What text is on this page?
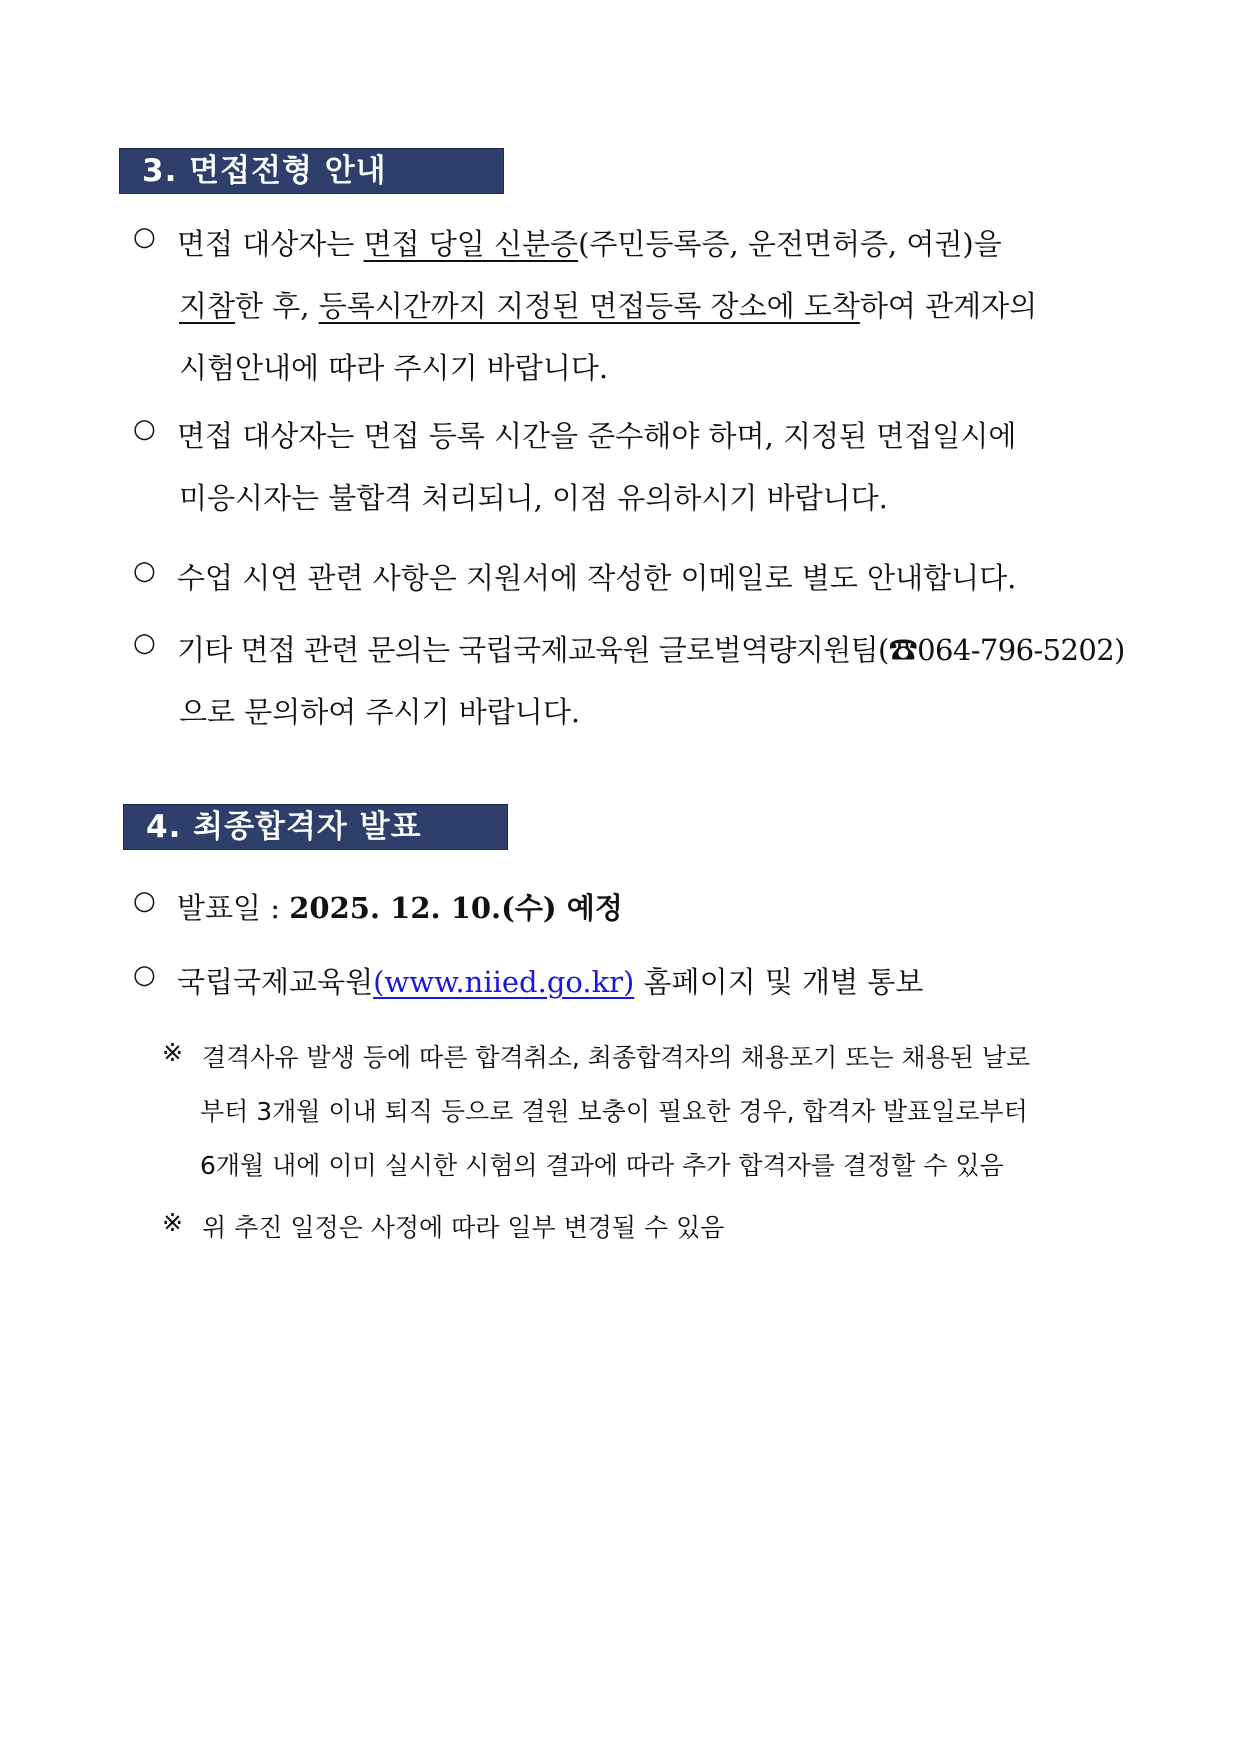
3. 면접전형 안내
○ 면접 대상자는 면접 당일 신분증(주민등록증, 운전면허증, 여권)을
지참한 후, 등록시간까지 지정된 면접등록 장소에 도착하여 관계자의
시험안내에 따라 주시기 바랍니다.
○ 면접 대상자는 면접 등록 시간을 준수해야 하며, 지정된 면접일시에
미응시자는 불합격 처리되니, 이점 유의하시기 바랍니다.
○ 수업 시연 관련 사항은 지원서에 작성한 이메일로 별도 안내합니다.
○ 기타 면접 관련 문의는 국립국제교육원 글로벌역량지원팀(☎064-796-5202)
으로 문의하여 주시기 바랍니다.
4. 최종합격자 발표
○ 발표일 : 2025. 12. 10.(수) 예정
○ 국립국제교육원(www.niied.go.kr) 홈페이지 및 개별 통보
※ 결격사유 발생 등에 따른 합격취소, 최종합격자의 채용포기 또는 채용된 날로
부터 3개월 이내 퇴직 등으로 결원 보충이 필요한 경우, 합격자 발표일로부터
6개월 내에 이미 실시한 시험의 결과에 따라 추가 합격자를 결정할 수 있음
※ 위 추진 일정은 사정에 따라 일부 변경될 수 있음
